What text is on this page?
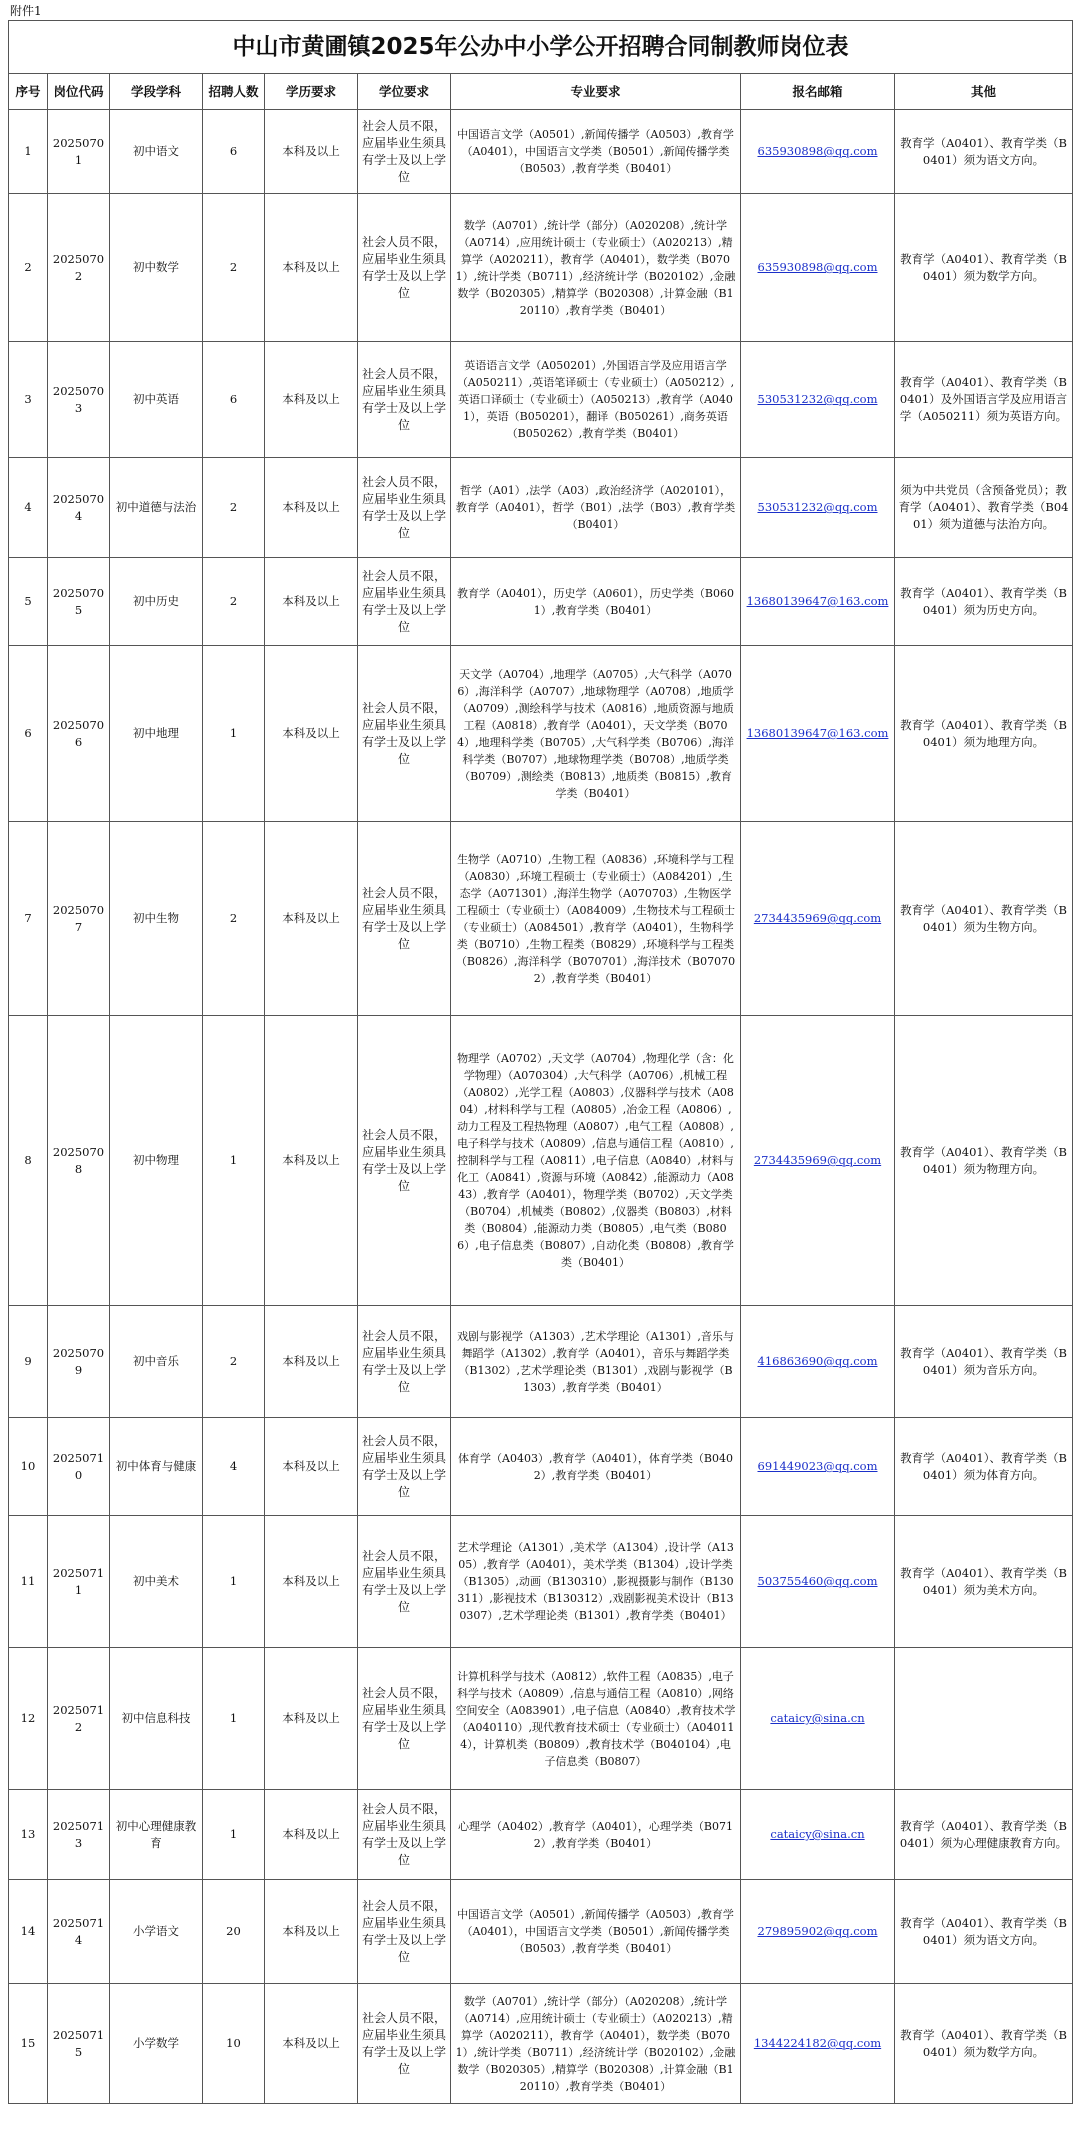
附件1
中山市黄圃镇2025年公办中小学公开招聘合同制教师岗位表								
序号	岗位代码	学段学科	招聘人数	学历要求	学位要求	专业要求	报名邮箱	其他
1	20250701	初中语文	6	本科及以上	社会人员不限，应届毕业生须具有学士及以上学位	中国语言文学（A0501）,新闻传播学（A0503）,教育学（A0401），中国语言文学类（B0501）,新闻传播学类（B0503）,教育学类（B0401）	635930898@qq.com	教育学（A0401）、教育学类（B0401）须为语文方向。
2	20250702	初中数学	2	本科及以上	社会人员不限，应届毕业生须具有学士及以上学位	数学（A0701）,统计学（部分）（A020208）,统计学（A0714）,应用统计硕士（专业硕士）（A020213）,精算学（A020211），教育学（A0401），数学类（B0701）,统计学类（B0711）,经济统计学（B020102）,金融数学（B020305）,精算学（B020308）,计算金融（B120110）,教育学类（B0401）	635930898@qq.com	教育学（A0401）、教育学类（B0401）须为数学方向。
3	20250703	初中英语	6	本科及以上	社会人员不限，应届毕业生须具有学士及以上学位	英语语言文学（A050201）,外国语言学及应用语言学（A050211）,英语笔译硕士（专业硕士）（A050212）,英语口译硕士（专业硕士）（A050213）,教育学（A0401），英语（B050201），翻译（B050261）,商务英语（B050262）,教育学类（B0401）	530531232@qq.com	教育学（A0401）、教育学类（B0401）及外国语言学及应用语言学（A050211）须为英语方向。
4	20250704	初中道德与法治	2	本科及以上	社会人员不限，应届毕业生须具有学士及以上学位	哲学（A01）,法学（A03）,政治经济学（A020101），教育学（A0401），哲学（B01）,法学（B03）,教育学类（B0401）	530531232@qq.com	须为中共党员（含预备党员）；教育学（A0401）、教育学类（B0401）须为道德与法治方向。
5	20250705	初中历史	2	本科及以上	社会人员不限，应届毕业生须具有学士及以上学位	教育学（A0401），历史学（A0601），历史学类（B0601）,教育学类（B0401）	13680139647@163.com	教育学（A0401）、教育学类（B0401）须为历史方向。
6	20250706	初中地理	1	本科及以上	社会人员不限，应届毕业生须具有学士及以上学位	天文学（A0704）,地理学（A0705）,大气科学（A0706）,海洋科学（A0707）,地球物理学（A0708）,地质学（A0709）,测绘科学与技术（A0816）,地质资源与地质工程（A0818）,教育学（A0401），天文学类（B0704）,地理科学类（B0705）,大气科学类（B0706）,海洋科学类（B0707）,地球物理学类（B0708）,地质学类（B0709）,测绘类（B0813）,地质类（B0815）,教育学类（B0401）	13680139647@163.com	教育学（A0401）、教育学类（B0401）须为地理方向。
7	20250707	初中生物	2	本科及以上	社会人员不限，应届毕业生须具有学士及以上学位	生物学（A0710）,生物工程（A0836）,环境科学与工程（A0830）,环境工程硕士（专业硕士）（A084201）,生态学（A071301）,海洋生物学（A070703）,生物医学工程硕士（专业硕士）（A084009）,生物技术与工程硕士（专业硕士）（A084501）,教育学（A0401），生物科学类（B0710）,生物工程类（B0829）,环境科学与工程类（B0826）,海洋科学（B070701）,海洋技术（B070702）,教育学类（B0401）	2734435969@qq.com	教育学（A0401）、教育学类（B0401）须为生物方向。
8	20250708	初中物理	1	本科及以上	社会人员不限，应届毕业生须具有学士及以上学位	物理学（A0702）,天文学（A0704）,物理化学（含：化学物理）（A070304）,大气科学（A0706）,机械工程（A0802）,光学工程（A0803）,仪器科学与技术（A0804）,材料科学与工程（A0805）,冶金工程（A0806）,动力工程及工程热物理（A0807）,电气工程（A0808）,电子科学与技术（A0809）,信息与通信工程（A0810）,控制科学与工程（A0811）,电子信息（A0840）,材料与化工（A0841）,资源与环境（A0842）,能源动力（A0843）,教育学（A0401），物理学类（B0702）,天文学类（B0704）,机械类（B0802）,仪器类（B0803）,材料类（B0804）,能源动力类（B0805）,电气类（B0806）,电子信息类（B0807）,自动化类（B0808）,教育学类（B0401）	2734435969@qq.com	教育学（A0401）、教育学类（B0401）须为物理方向。
9	20250709	初中音乐	2	本科及以上	社会人员不限，应届毕业生须具有学士及以上学位	戏剧与影视学（A1303）,艺术学理论（A1301）,音乐与舞蹈学（A1302）,教育学（A0401），音乐与舞蹈学类（B1302）,艺术学理论类（B1301）,戏剧与影视学（B1303）,教育学类（B0401）	416863690@qq.com	教育学（A0401）、教育学类（B0401）须为音乐方向。
10	20250710	初中体育与健康	4	本科及以上	社会人员不限，应届毕业生须具有学士及以上学位	体育学（A0403）,教育学（A0401），体育学类（B0402）,教育学类（B0401）	691449023@qq.com	教育学（A0401）、教育学类（B0401）须为体育方向。
11	20250711	初中美术	1	本科及以上	社会人员不限，应届毕业生须具有学士及以上学位	艺术学理论（A1301）,美术学（A1304）,设计学（A1305）,教育学（A0401），美术学类（B1304）,设计学类（B1305）,动画（B130310）,影视摄影与制作（B130311）,影视技术（B130312）,戏剧影视美术设计（B130307）,艺术学理论类（B1301）,教育学类（B0401）	503755460@qq.com	教育学（A0401）、教育学类（B0401）须为美术方向。
12	20250712	初中信息科技	1	本科及以上	社会人员不限，应届毕业生须具有学士及以上学位	计算机科学与技术（A0812）,软件工程（A0835）,电子科学与技术（A0809）,信息与通信工程（A0810）,网络空间安全（A083901）,电子信息（A0840）,教育技术学（A040110）,现代教育技术硕士（专业硕士）（A040114），计算机类（B0809）,教育技术学（B040104）,电子信息类（B0807）	cataicy@sina.cn	
13	20250713	初中心理健康教育	1	本科及以上	社会人员不限，应届毕业生须具有学士及以上学位	心理学（A0402）,教育学（A0401），心理学类（B0712）,教育学类（B0401）	cataicy@sina.cn	教育学（A0401）、教育学类（B0401）须为心理健康教育方向。
14	20250714	小学语文	20	本科及以上	社会人员不限，应届毕业生须具有学士及以上学位	中国语言文学（A0501）,新闻传播学（A0503）,教育学（A0401），中国语言文学类（B0501）,新闻传播学类（B0503）,教育学类（B0401）	279895902@qq.com	教育学（A0401）、教育学类（B0401）须为语文方向。
15	20250715	小学数学	10	本科及以上	社会人员不限，应届毕业生须具有学士及以上学位	数学（A0701）,统计学（部分）（A020208）,统计学（A0714）,应用统计硕士（专业硕士）（A020213）,精算学（A020211），教育学（A0401），数学类（B0701）,统计学类（B0711）,经济统计学（B020102）,金融数学（B020305）,精算学（B020308）,计算金融（B120110）,教育学类（B0401）	1344224182@qq.com	教育学（A0401）、教育学类（B0401）须为数学方向。
